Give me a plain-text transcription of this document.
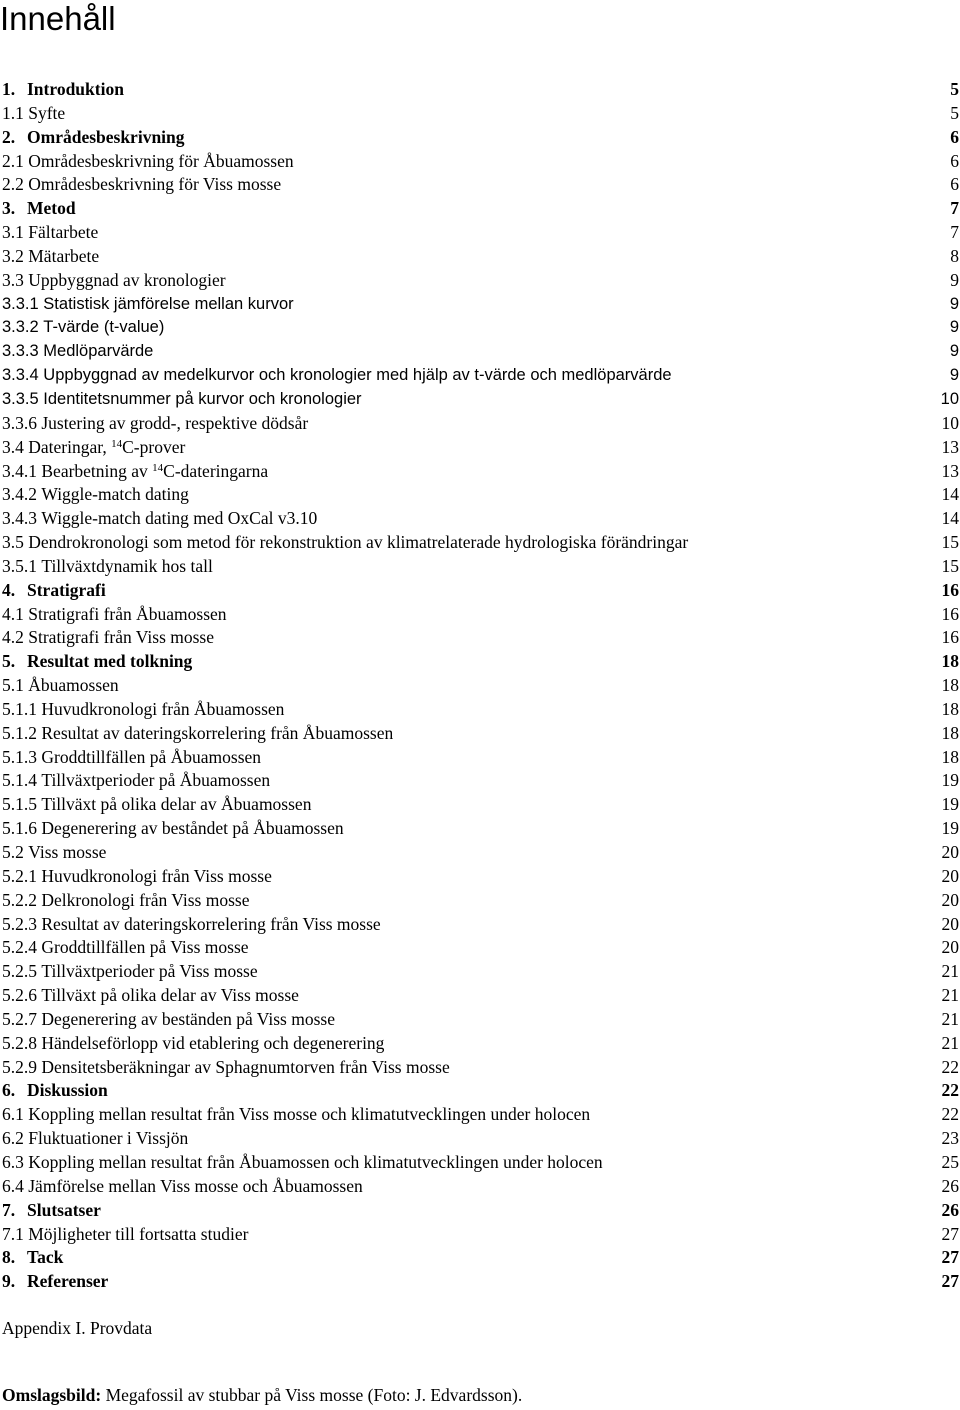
Innehåll
1. Introduktion	5
1.1 Syfte	5
2. Områdesbeskrivning	6
2.1 Områdesbeskrivning för Åbuamossen	6
2.2 Områdesbeskrivning för Viss mosse	6
3. Metod	7
3.1 Fältarbete	7
3.2 Mätarbete	8
3.3 Uppbyggnad av kronologier	9
3.3.1 Statistisk jämförelse mellan kurvor	9
3.3.2 T-värde (t-value)	9
3.3.3 Medlöparvärde	9
3.3.4 Uppbyggnad av medelkurvor och kronologier med hjälp av t-värde och medlöparvärde	9
3.3.5 Identitetsnummer på kurvor och kronologier	10
3.3.6 Justering av grodd-, respektive dödsår	10
3.4 Dateringar, $^{14}$C-prover	13
3.4.1 Bearbetning av $^{14}$C-dateringarna	13
3.4.2 Wiggle-match dating	14
3.4.3 Wiggle-match dating med OxCal v3.10	14
3.5 Dendrokronologi som metod för rekonstruktion av klimatrelaterade hydrologiska förändringar	15
3.5.1 Tillväxtdynamik hos tall	15
4. Stratigrafi	16
4.1 Stratigrafi från Åbuamossen	16
4.2 Stratigrafi från Viss mosse	16
5. Resultat med tolkning	18
5.1 Åbuamossen	18
5.1.1 Huvudkronologi från Åbuamossen	18
5.1.2 Resultat av dateringskorrelering från Åbuamossen	18
5.1.3 Groddtillfällen på Åbuamossen	18
5.1.4 Tillväxtperioder på Åbuamossen	19
5.1.5 Tillväxt på olika delar av Åbuamossen	19
5.1.6 Degenerering av beståndet på Åbuamossen	19
5.2 Viss mosse	20
5.2.1 Huvudkronologi från Viss mosse	20
5.2.2 Delkronologi från Viss mosse	20
5.2.3 Resultat av dateringskorrelering från Viss mosse	20
5.2.4 Groddtillfällen på Viss mosse	20
5.2.5 Tillväxtperioder på Viss mosse	21
5.2.6 Tillväxt på olika delar av Viss mosse	21
5.2.7 Degenerering av beständen på Viss mosse	21
5.2.8 Händelseförlopp vid etablering och degenerering	21
5.2.9 Densitetsberäkningar av Sphagnumtorven från Viss mosse	22
6. Diskussion	22
6.1 Koppling mellan resultat från Viss mosse och klimatutvecklingen under holocen	22
6.2 Fluktuationer i Vissjön	23
6.3 Koppling mellan resultat från Åbuamossen och klimatutvecklingen under holocen	25
6.4 Jämförelse mellan Viss mosse och Åbuamossen	26
7. Slutsatser	26
7.1 Möjligheter till fortsatta studier	27
8. Tack	27
9. Referenser	27
Appendix I. Provdata
Omslagsbild: Megafossil av stubbar på Viss mosse (Foto: J. Edvardsson).
